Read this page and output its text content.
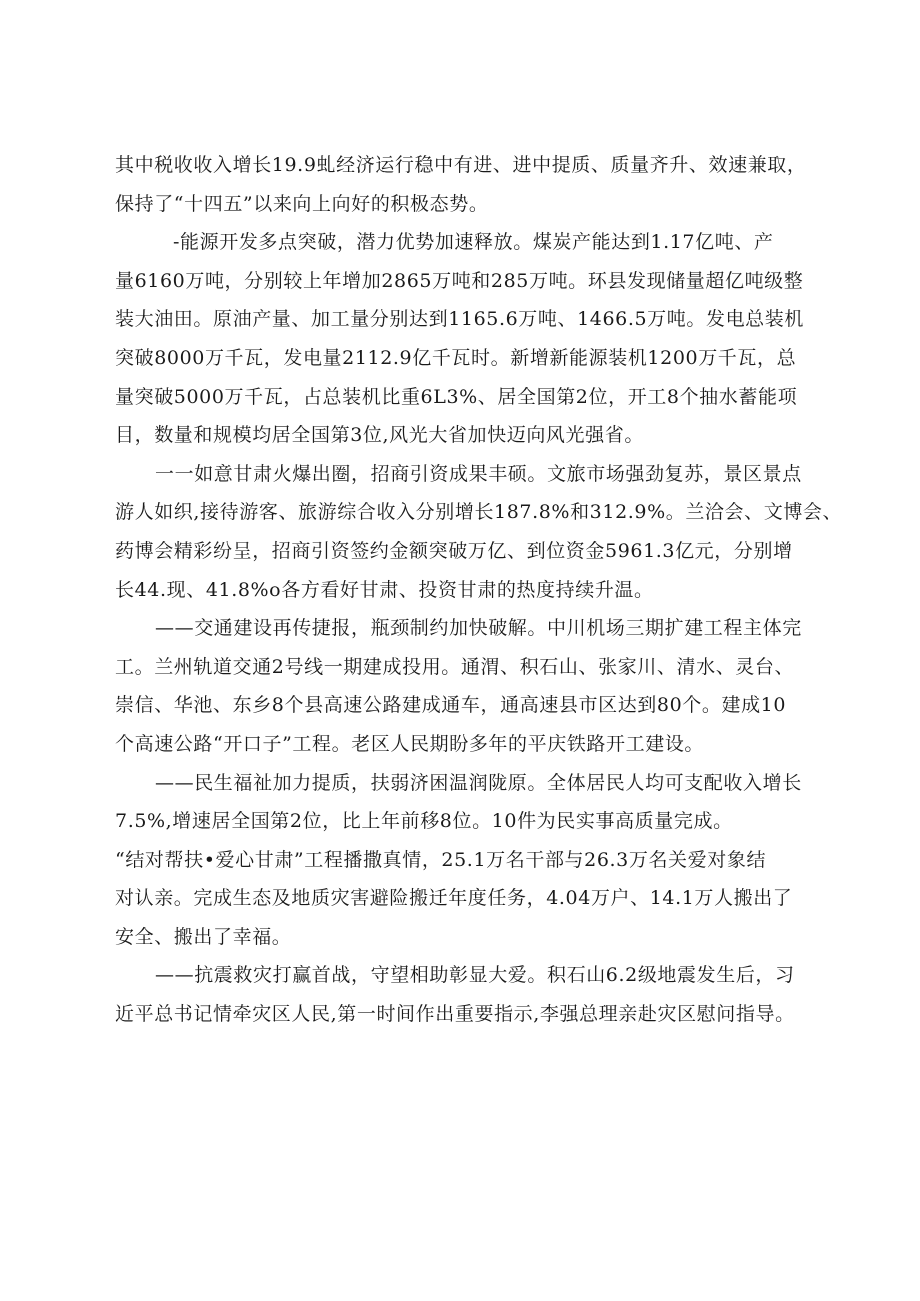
其中税收收入增长19.9虬经济运行稳中有进、进中提质、质量齐升、效速兼取，
保持了“十四五”以来向上向好的积极态势。
-能源开发多点突破，潜力优势加速释放。煤炭产能达到1.17亿吨、产
量6160万吨，分别较上年增加2865万吨和285万吨。环县发现储量超亿吨级整
装大油田。原油产量、加工量分别达到1165.6万吨、1466.5万吨。发电总装机
突破8000万千瓦，发电量2112.9亿千瓦时。新增新能源装机1200万千瓦，总
量突破5000万千瓦，占总装机比重6L3%、居全国第2位，开工8个抽水蓄能项
目，数量和规模均居全国第3位,风光大省加快迈向风光强省。
一一如意甘肃火爆出圈，招商引资成果丰硕。文旅市场强劲复苏，景区景点
游人如织,接待游客、旅游综合收入分别增长187.8%和312.9%。兰洽会、文博会、
药博会精彩纷呈，招商引资签约金额突破万亿、到位资金5961.3亿元，分别增
长44.现、41.8%o各方看好甘肃、投资甘肃的热度持续升温。
——交通建设再传捷报，瓶颈制约加快破解。中川机场三期扩建工程主体完
工。兰州轨道交通2号线一期建成投用。通渭、积石山、张家川、清水、灵台、
崇信、华池、东乡8个县高速公路建成通车，通高速县市区达到80个。建成10
个高速公路“开口子”工程。老区人民期盼多年的平庆铁路开工建设。
——民生福祉加力提质，扶弱济困温润陇原。全体居民人均可支配收入增长
7.5%,增速居全国第2位，比上年前移8位。10件为民实事高质量完成。
“结对帮扶•爱心甘肃”工程播撒真情，25.1万名干部与26.3万名关爱对象结
对认亲。完成生态及地质灾害避险搬迁年度任务，4.04万户、14.1万人搬出了
安全、搬出了幸福。
——抗震救灾打赢首战，守望相助彰显大爱。积石山6.2级地震发生后，习
近平总书记情牵灾区人民,第一时间作出重要指示,李强总理亲赴灾区慰问指导。
